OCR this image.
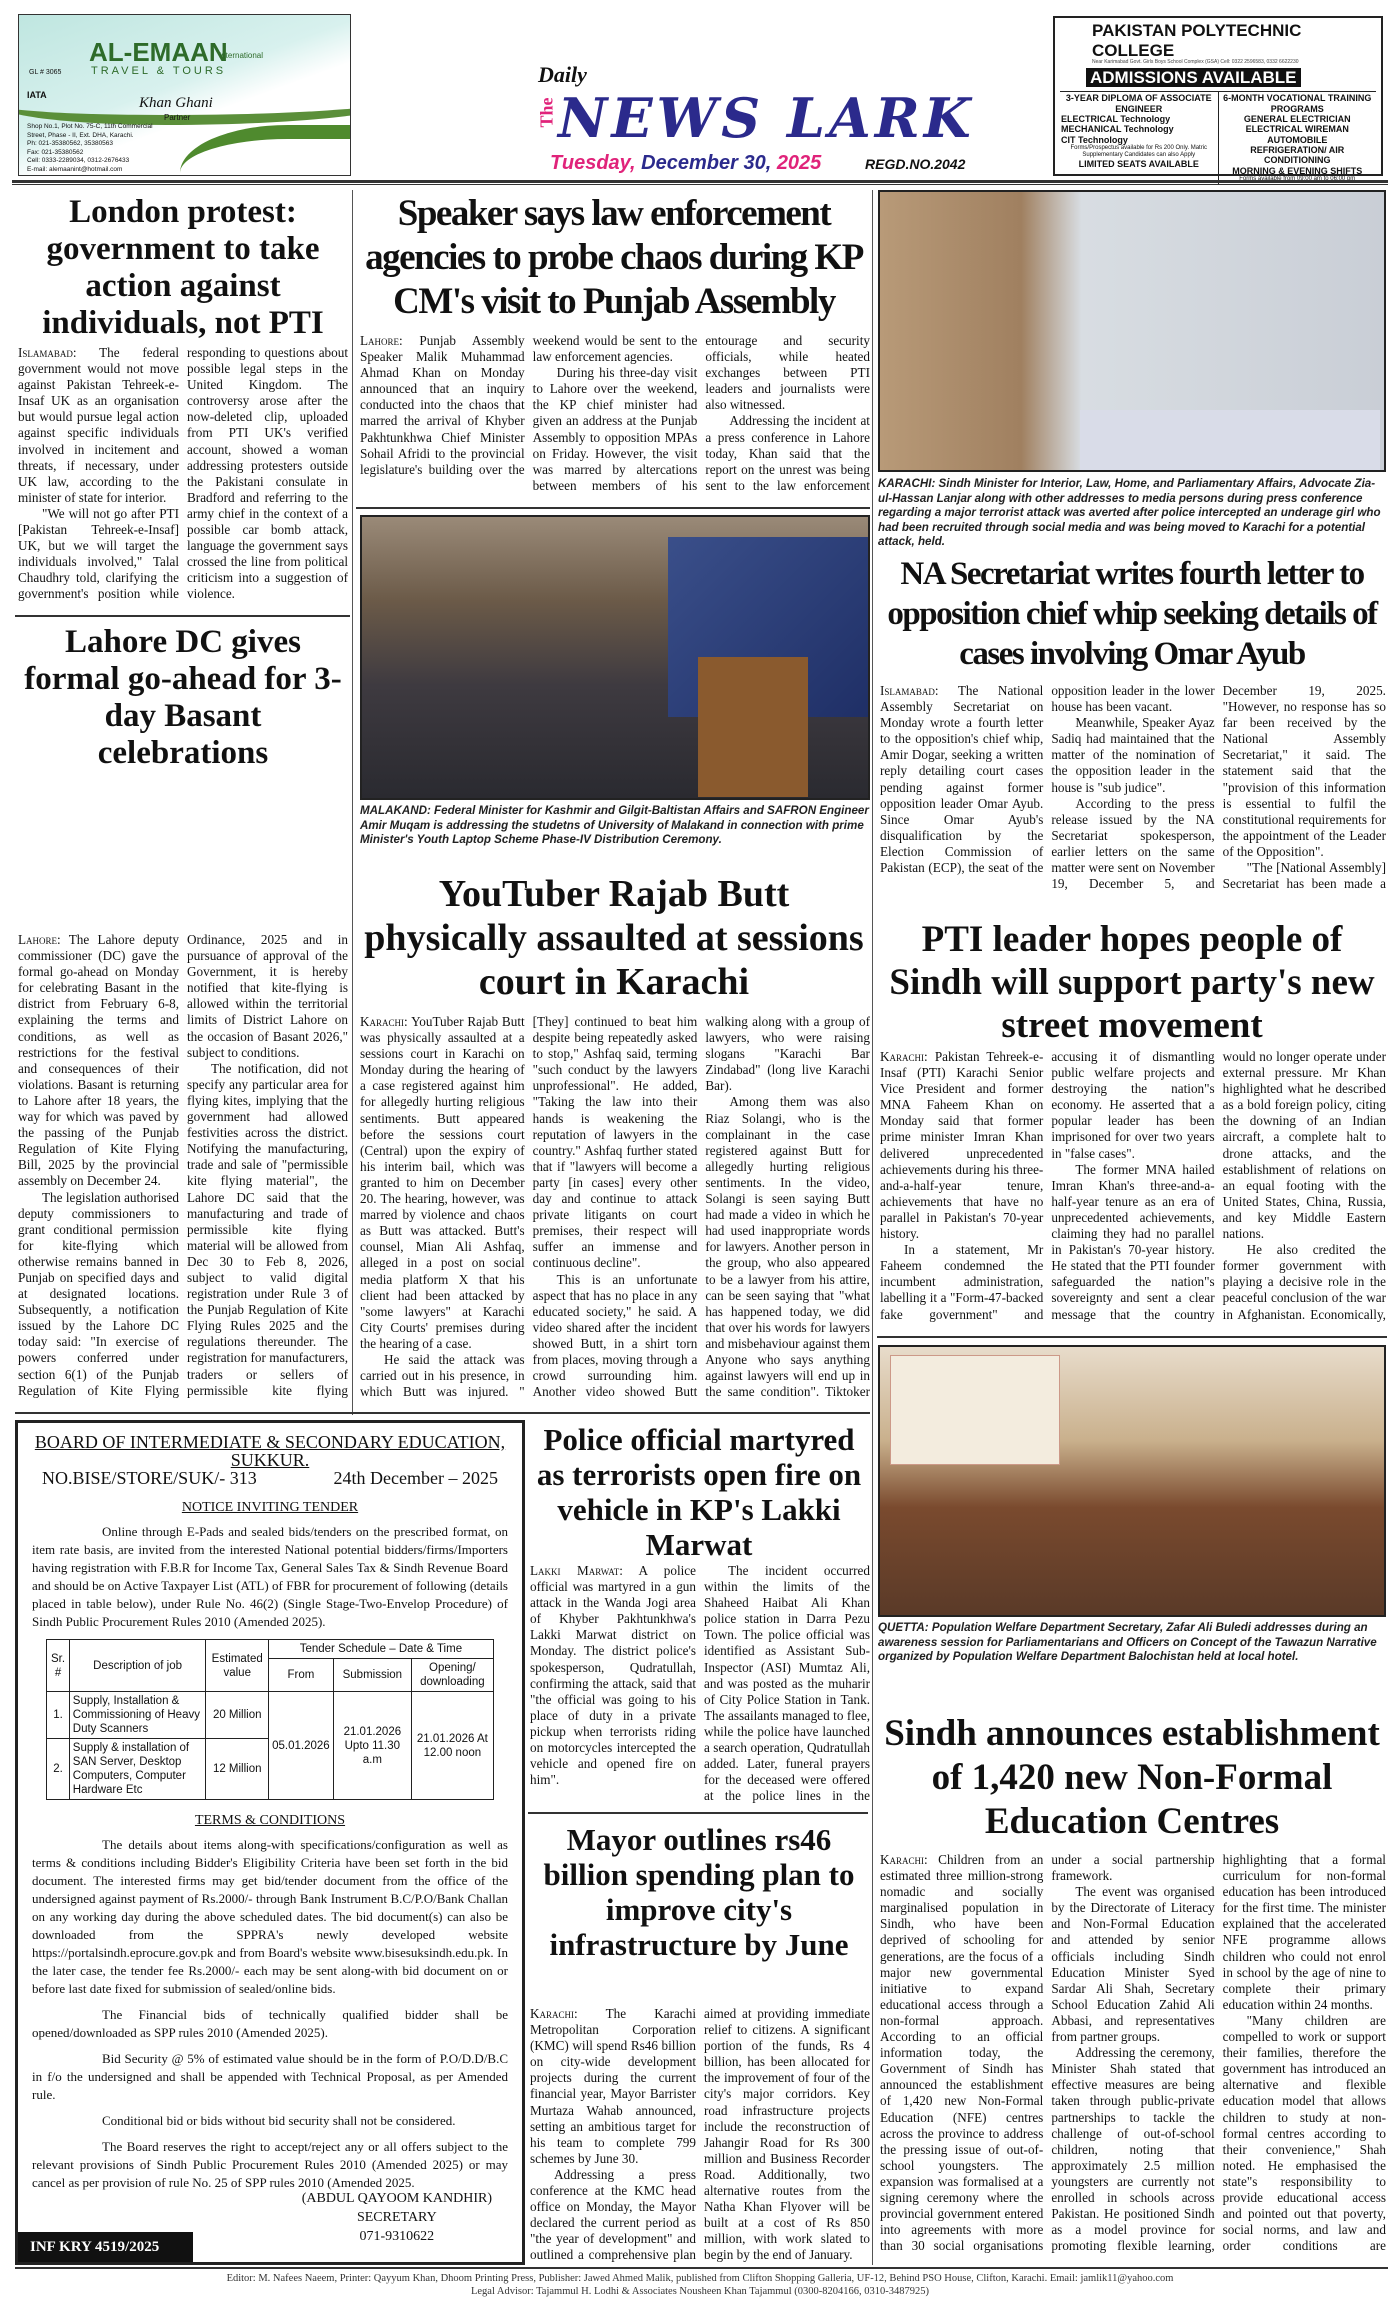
AL-EMAAN
International
TRAVEL & TOURS
GL # 3065
IATA	Khan Ghani
Partner
Shop No.1, Plot No. 75-C, 11th Commercial
Street, Phase - II, Ext. DHA, Karachi.
Ph: 021-35380562, 35380563
Fax: 021-35380562
Cell: 0333-2289034, 0312-2676433
E-mail: alemaanint@hotmail.com
Daily
The NEWS LARK
Tuesday, December 30, 2025	REGD.NO.2042
PAKISTAN POLYTECHNIC COLLEGE
Near Karimabad Govt. Girls Boys School Complex (GSA) Cell: 0322 2596583, 0332 6622230
ADMISSIONS AVAILABLE
3-YEAR DIPLOMA OF ASSOCIATE ENGINEER
ELECTRICAL Technology
MECHANICAL Technology
CIT Technology
Forms/Prospectus available for Rs 200 Only. Matric Supplementary Candidates can also Apply
LIMITED SEATS AVAILABLE
6-MONTH VOCATIONAL TRAINING PROGRAMS
GENERAL ELECTRICIAN
ELECTRICAL WIREMAN
AUTOMOBILE
REFRIGERATION/ AIR CONDITIONING
MORNING & EVENING SHIFTS
Forms available from 09:00 am to 06:00 pm
London protest: government to take action against individuals, not PTI

Islamabad: The federal government would not move against Pakistan Tehreek-e-Insaf UK as an organisation but would pursue legal action against specific individuals involved in incitement and threats, if necessary, under UK law, according to the minister of state for interior.

"We will not go after PTI [Pakistan Tehreek-e-Insaf] UK, but we will target the individuals involved," Talal Chaudhry told, clarifying the government's position while responding to questions about possible legal steps in the United Kingdom. The controversy arose after the now-deleted clip, uploaded from PTI UK's verified account, showed a woman addressing protesters outside the Pakistani consulate in Bradford and referring to the army chief in the context of a possible car bomb attack, language the government says crossed the line from political criticism into a suggestion of violence.

Lahore DC gives formal go-ahead for 3-day Basant celebrations

Lahore: The Lahore deputy commissioner (DC) gave the formal go-ahead on Monday for celebrating Basant in the district from February 6-8, explaining the terms and conditions, as well as restrictions for the festival and consequences of their violations. Basant is returning to Lahore after 18 years, the way for which was paved by the passing of the Punjab Regulation of Kite Flying Bill, 2025 by the provincial assembly on December 24.

The legislation authorised deputy commissioners to grant conditional permission for kite-flying which otherwise remains banned in Punjab on specified days and at designated locations. Subsequently, a notification issued by the Lahore DC today said: "In exercise of powers conferred under section 6(1) of the Punjab Regulation of Kite Flying Ordinance, 2025 and in pursuance of approval of the Government, it is hereby notified that kite-flying is allowed within the territorial limits of District Lahore on the occasion of Basant 2026," subject to conditions.

The notification, did not specify any particular area for flying kites, implying that the government had allowed festivities across the district. Notifying the manufacturing, trade and sale of "permissible kite flying material", the Lahore DC said that the manufacturing and trade of permissible kite flying material will be allowed from Dec 30 to Feb 8, 2026, subject to valid digital registration under Rule 3 of the Punjab Regulation of Kite Flying Rules 2025 and the regulations thereunder. The registration for manufacturers, traders or sellers of permissible kite flying

Speaker says law enforcement agencies to probe chaos during KP CM's visit to Punjab Assembly

Lahore: Punjab Assembly Speaker Malik Muhammad Ahmad Khan on Monday announced that an inquiry conducted into the chaos that marred the arrival of Khyber Pakhtunkhwa Chief Minister Sohail Afridi to the provincial legislature's building over the weekend would be sent to the law enforcement agencies.

During his three-day visit to Lahore over the weekend, the KP chief minister had given an address at the Punjab Assembly to opposition MPAs on Friday. However, the visit was marred by altercations between members of his entourage and security officials, while heated exchanges between PTI leaders and journalists were also witnessed.

Addressing the incident at a press conference in Lahore today, Khan said that the report on the unrest was being sent to the law enforcement

MALAKAND: Federal Minister for Kashmir and Gilgit-Baltistan Affairs and SAFRON Engineer Amir Muqam is addressing the studetns of University of Malakand in connection with prime Minister's Youth Laptop Scheme Phase-IV Distribution Ceremony.
YouTuber Rajab Butt physically assaulted at sessions court in Karachi

Karachi: YouTuber Rajab Butt was physically assaulted at a sessions court in Karachi on Monday during the hearing of a case registered against him for allegedly hurting religious sentiments. Butt appeared before the sessions court (Central) upon the expiry of his interim bail, which was granted to him on December 20. The hearing, however, was marred by violence and chaos as Butt was attacked. Butt's counsel, Mian Ali Ashfaq, alleged in a post on social media platform X that his client had been attacked by "some lawyers" at Karachi City Courts' premises during the hearing of a case.

He said the attack was carried out in his presence, in which Butt was injured. "[They] continued to beat him despite being repeatedly asked to stop," Ashfaq said, terming "such conduct by the lawyers unprofessional". He added, "Taking the law into their hands is weakening the reputation of lawyers in the country." Ashfaq further stated that if "lawyers will become a party [in cases] every other day and continue to attack private litigants on court premises, their respect will suffer an immense and continuous decline".

This is an unfortunate aspect that has no place in any educated society," he said. A video shared after the incident showed Butt, in a shirt torn from places, moving through a crowd surrounding him. Another video showed Butt walking along with a group of lawyers, who were raising slogans "Karachi Bar Zindabad" (long live Karachi Bar).

Among them was also Riaz Solangi, who is the complainant in the case registered against Butt for allegedly hurting religious sentiments. In the video, Solangi is seen saying Butt had made a video in which he had used inappropriate words for lawyers. Another person in the group, who also appeared to be a lawyer from his attire, can be seen saying that "what has happened today, we did that over his words for lawyers and misbehaviour against them Anyone who says anything against lawyers will end up in the same condition". Tiktoker

KARACHI: Sindh Minister for Interior, Law, Home, and Parliamentary Affairs, Advocate Zia-ul-Hassan Lanjar along with other addresses to media persons during press conference regarding a major terrorist attack was averted after police intercepted an underage girl who had been recruited through social media and was being moved to Karachi for a potential attack, held.
NA Secretariat writes fourth letter to opposition chief whip seeking details of cases involving Omar Ayub

Islamabad: The National Assembly Secretariat on Monday wrote a fourth letter to the opposition's chief whip, Amir Dogar, seeking a written reply detailing court cases pending against former opposition leader Omar Ayub. Since Omar Ayub's disqualification by the Election Commission of Pakistan (ECP), the seat of the opposition leader in the lower house has been vacant.

Meanwhile, Speaker Ayaz Sadiq had maintained that the matter of the nomination of the opposition leader in the house is "sub judice".

According to the press release issued by the NA Secretariat spokesperson, earlier letters on the same matter were sent on November 19, December 5, and December 19, 2025. "However, no response has so far been received by the National Assembly Secretariat," it said. The statement said that the "provision of this information is essential to fulfil the constitutional requirements for the appointment of the Leader of the Opposition".

"The [National Assembly] Secretariat has been made a

PTI leader hopes people of Sindh will support party's new street movement

Karachi: Pakistan Tehreek-e-Insaf (PTI) Karachi Senior Vice President and former MNA Faheem Khan on Monday said that former prime minister Imran Khan delivered unprecedented achievements during his three-and-a-half-year tenure, achievements that have no parallel in Pakistan's 70-year history.

In a statement, Mr Faheem condemned the incumbent administration, labelling it a "Form-47-backed fake government" and accusing it of dismantling public welfare projects and destroying the nation"s economy. He asserted that a popular leader has been imprisoned for over two years in "false cases".

The former MNA hailed Imran Khan's three-and-a-half-year tenure as an era of unprecedented achievements, claiming they had no parallel in Pakistan's 70-year history. He stated that the PTI founder safeguarded the nation"s sovereignty and sent a clear message that the country would no longer operate under external pressure. Mr Khan highlighted what he described as a bold foreign policy, citing the downing of an Indian aircraft, a complete halt to drone attacks, and the establishment of relations on an equal footing with the United States, China, Russia, and key Middle Eastern nations.

He also credited the former government with playing a decisive role in the peaceful conclusion of the war in Afghanistan. Economically,

QUETTA: Population Welfare Department Secretary, Zafar Ali Buledi addresses during an awareness session for Parliamentarians and Officers on Concept of the Tawazun Narrative organized by Population Welfare Department Balochistan held at local hotel.
Sindh announces establishment of 1,420 new Non-Formal Education Centres

Karachi: Children from an estimated three million-strong nomadic and socially marginalised population in Sindh, who have been deprived of schooling for generations, are the focus of a major new governmental initiative to expand educational access through a non-formal approach. According to an official information today, the Government of Sindh has announced the establishment of 1,420 new Non-Formal Education (NFE) centres across the province to address the pressing issue of out-of-school youngsters. The expansion was formalised at a signing ceremony where the provincial government entered into agreements with more than 30 social organisations under a social partnership framework.

The event was organised by the Directorate of Literacy and Non-Formal Education and attended by senior officials including Sindh Education Minister Syed Sardar Ali Shah, Secretary School Education Zahid Ali Abbasi, and representatives from partner groups.

Addressing the ceremony, Minister Shah stated that effective measures are being taken through public-private partnerships to tackle the challenge of out-of-school children, noting that approximately 2.5 million youngsters are currently not enrolled in schools across Pakistan. He positioned Sindh as a model province for promoting flexible learning, highlighting that a formal curriculum for non-formal education has been introduced for the first time. The minister explained that the accelerated NFE programme allows children who could not enrol in school by the age of nine to complete their primary education within 24 months.

"Many children are compelled to work or support their families, therefore the government has introduced an alternative and flexible education model that allows children to study at non-formal centres according to their convenience," Shah noted. He emphasised the state"s responsibility to provide educational access and pointed out that poverty, social norms, and law and order conditions are

Police official martyred as terrorists open fire on vehicle in KP's Lakki Marwat

Lakki Marwat: A police official was martyred in a gun attack in the Wanda Jogi area of Khyber Pakhtunkhwa's Lakki Marwat district on Monday. The district police's spokesperson, Qudratullah, confirming the attack, said that "the official was going to his place of duty in a private pickup when terrorists riding on motorcycles intercepted the vehicle and opened fire on him".

The incident occurred within the limits of the Shaheed Haibat Ali Khan police station in Darra Pezu Town. The police official was identified as Assistant Sub-Inspector (ASI) Mumtaz Ali, and was posted as the muharir of City Police Station in Tank. The assailants managed to flee, while the police have launched a search operation, Qudratullah added. Later, funeral prayers for the deceased were offered at the police lines in the

Mayor outlines rs46 billion spending plan to improve city's infrastructure by June

Karachi: The Karachi Metropolitan Corporation (KMC) will spend Rs46 billion on city-wide development projects during the current financial year, Mayor Barrister Murtaza Wahab announced, setting an ambitious target for his team to complete 799 schemes by June 30.

Addressing a press conference at the KMC head office on Monday, the Mayor declared the current period as "the year of development" and outlined a comprehensive plan aimed at providing immediate relief to citizens. A significant portion of the funds, Rs 4 billion, has been allocated for the improvement of four of the city's major corridors. Key road infrastructure projects include the reconstruction of Jahangir Road for Rs 300 million and Business Recorder Road. Additionally, two alternative routes from the Natha Khan Flyover will be built at a cost of Rs 850 million, with work slated to begin by the end of January.

BOARD OF INTERMEDIATE & SECONDARY EDUCATION, SUKKUR.
NO.BISE/STORE/SUK/- 313	24th December – 2025
NOTICE INVITING TENDER

Online through E-Pads and sealed bids/tenders on the prescribed format, on item rate basis, are invited from the interested National potential bidders/firms/Importers having registration with F.B.R for Income Tax, General Sales Tax & Sindh Revenue Board and should be on Active Taxpayer List (ATL) of FBR for procurement of following (details placed in table below), under Rule No. 46(2) (Single Stage-Two-Envelop Procedure) of Sindh Public Procurement Rules 2010 (Amended 2025).

Sr. #	Description of job	Estimated value	Tender Schedule – Date & Time		
			From	Submission	Opening/ downloading
1.	Supply, Installation & Commissioning of Heavy Duty Scanners	20 Million	05.01.2026	21.01.2026 Upto 11.30 a.m	21.01.2026 At 12.00 noon
2.	Supply & installation of SAN Server, Desktop Computers, Computer Hardware Etc	12 Million			
TERMS & CONDITIONS

The details about items along-with specifications/configuration as well as terms & conditions including Bidder's Eligibility Criteria have been set forth in the bid document. The interested firms may get bid/tender document from the office of the undersigned against payment of Rs.2000/- through Bank Instrument B.C/P.O/Bank Challan on any working day during the above scheduled dates. The bid document(s) can also be downloaded from the SPPRA's newly developed website https://portalsindh.eprocure.gov.pk and from Board's website www.bisesuksindh.edu.pk. In the later case, the tender fee Rs.2000/- each may be sent along-with bid document on or before last date fixed for submission of sealed/online bids.

The Financial bids of technically qualified bidder shall be opened/downloaded as SPP rules 2010 (Amended 2025).

Bid Security @ 5% of estimated value should be in the form of P.O/D.D/B.C in f/o the undersigned and shall be appended with Technical Proposal, as per Amended rule.

Conditional bid or bids without bid security shall not be considered.

The Board reserves the right to accept/reject any or all offers subject to the relevant provisions of Sindh Public Procurement Rules 2010 (Amended 2025) or may cancel as per provision of rule No. 25 of SPP rules 2010 (Amended 2025.

(ABDUL QAYOOM KANDHIR)
SECRETARY
071-9310622
INF KRY 4519/2025
Editor: M. Nafees Naeem, Printer: Qayyum Khan, Dhoom Printing Press, Publisher: Jawed Ahmed Malik, published from Clifton Shopping Galleria, UF-12, Behind PSO House, Clifton, Karachi. Email: jamlik11@yahoo.com
Legal Advisor: Tajammul H. Lodhi & Associates Nousheen Khan Tajammul (0300-8204166, 0310-3487925)
